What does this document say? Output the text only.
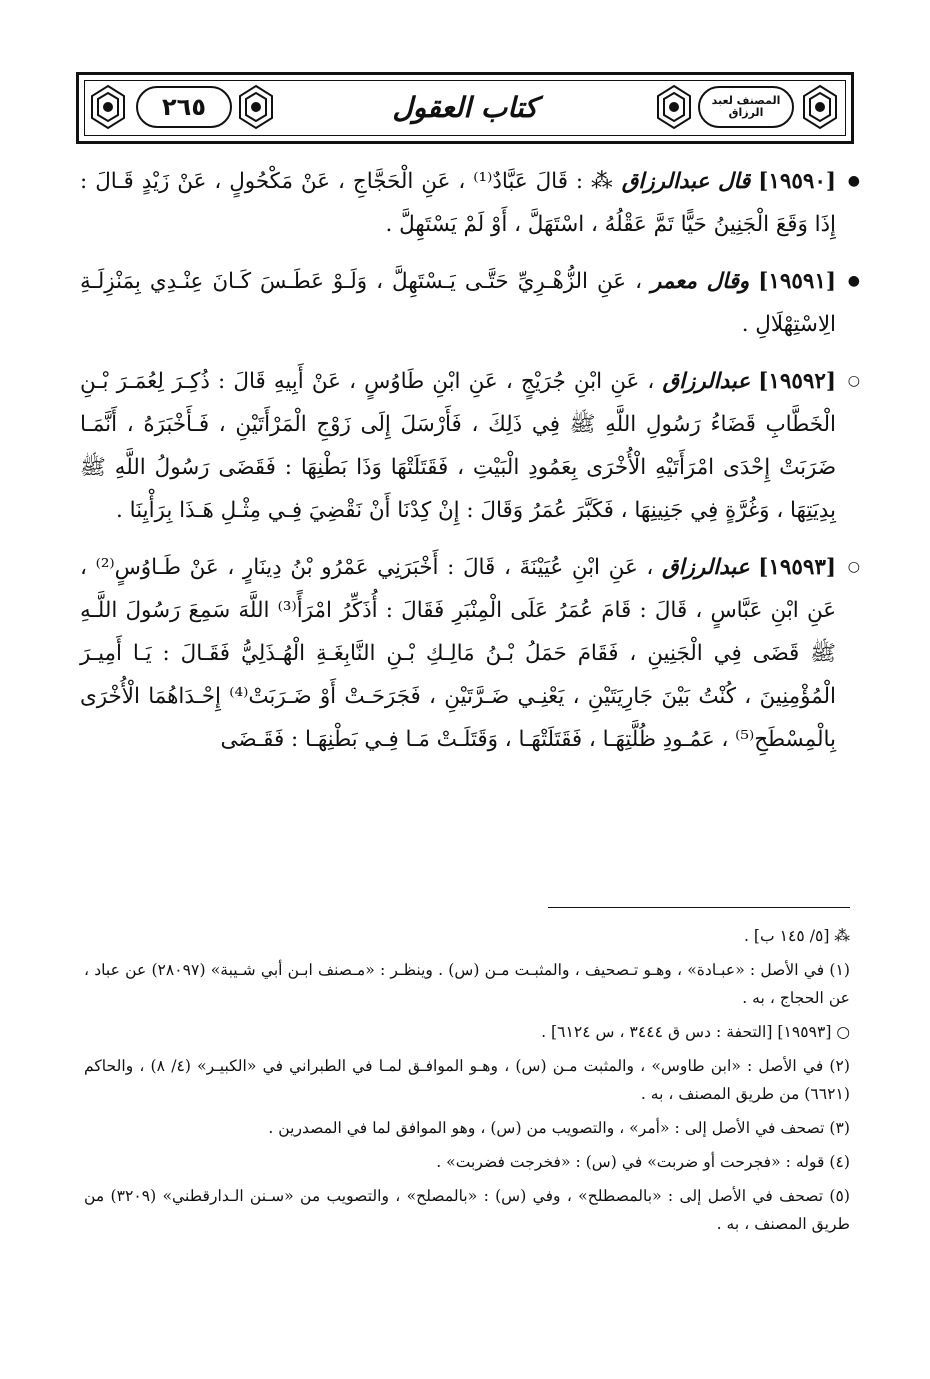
٢٦٥	كتاب العقول	المصنف لعبد الرزاق

●
[١٩٥٩٠] قال عبدالرزاق ⁂ : قَالَ عَبَّادٌ⁽¹⁾ ، عَنِ الْحَجَّاجِ ، عَنْ مَكْحُولٍ ، عَنْ زَيْدٍ قَـالَ : إِذَا وَقَعَ الْجَنِينُ حَيًّا تَمَّ عَقْلُهُ ، اسْتَهَلَّ ، أَوْ لَمْ يَسْتَهِلَّ .

●
[١٩٥٩١] وقال معمر ، عَنِ الزُّهْـرِيِّ حَتَّـى يَـسْتَهِلَّ ، وَلَـوْ عَطَـسَ كَـانَ عِنْـدِي بِمَنْزِلَـةِ الِاسْتِهْلَالِ .

○
[١٩٥٩٢] عبدالرزاق ، عَنِ ابْنِ جُرَيْجٍ ، عَنِ ابْنِ طَاوُسٍ ، عَنْ أَبِيهِ قَالَ : ذُكِـرَ لِعُمَـرَ بْـنِ الْخَطَّابِ قَضَاءُ رَسُولِ اللَّهِ ﷺ فِي ذَلِكَ ، فَأَرْسَلَ إِلَى زَوْجِ الْمَرْأَتَيْنِ ، فَـأَخْبَرَهُ ، أَنَّمَـا ضَرَبَتْ إِحْدَى امْرَأَتَيْهِ الْأُخْرَى بِعَمُودِ الْبَيْتِ ، فَقَتَلَتْهَا وَذَا بَطْنِهَا : فَقَضَى رَسُولُ اللَّهِ ﷺ بِدِيَتِهَا ، وَغُرَّةٍ فِي جَنِينِهَا ، فَكَبَّرَ عُمَرُ وَقَالَ : إِنْ كِدْنَا أَنْ نَقْضِيَ فِـي مِثْـلِ هَـذَا بِرَأْيِنَا .

○
[١٩٥٩٣] عبدالرزاق ، عَنِ ابْنِ عُيَيْنَةَ ، قَالَ : أَخْبَرَنِي عَمْرُو بْنُ دِينَارٍ ، عَنْ طَـاوُسٍ⁽²⁾ ، عَنِ ابْنِ عَبَّاسٍ ، قَالَ : قَامَ عُمَرُ عَلَى الْمِنْبَرِ فَقَالَ : أُذَكِّرُ امْرَأً⁽³⁾ اللَّهَ سَمِعَ رَسُولَ اللَّـهِ ﷺ قَضَى فِي الْجَنِينِ ، فَقَامَ حَمَلُ بْـنُ مَالِـكِ بْـنِ النَّابِغَـةِ الْهُـذَلِيُّ فَقَـالَ : يَـا أَمِيـرَ الْمُؤْمِنِينَ ، كُنْتُ بَيْنَ جَارِيَتَيْنِ ، يَعْنِـي ضَـرَّتَيْنِ ، فَجَرَحَـتْ أَوْ ضَـرَبَتْ⁽⁴⁾ إِحْـدَاهُمَا الْأُخْرَى بِالْمِسْطَحِ⁽⁵⁾ ، عَمُـودِ ظُلَّتِهَـا ، فَقَتَلَتْهَـا ، وَقَتَلَـتْ مَـا فِـي بَطْنِهَـا : فَقَـضَى

⁂ [٥/ ١٤٥ ب] .

(١) في الأصل : «عبـادة» ، وهـو تـصحيف ، والمثبـت مـن (س) . وينظـر : «مـصنف ابـن أبي شـيبة» (٢٨٠٩٧) عن عباد ، عن الحجاج ، به .

○ [١٩٥٩٣] [التحفة : دس ق ٣٤٤٤ ، س ٦١٢٤] .

(٢) في الأصل : «ابن طاوس» ، والمثبت مـن (س) ، وهـو الموافـق لمـا في الطبراني في «الكبيـر» (٤/ ٨) ، والحاكم (٦٦٢١) من طريق المصنف ، به .

(٣) تصحف في الأصل إلى : «أمر» ، والتصويب من (س) ، وهو الموافق لما في المصدرين .

(٤) قوله : «فجرحت أو ضربت» في (س) : «فخرجت فضربت» .

(٥) تصحف في الأصل إلى : «بالمصطلح» ، وفي (س) : «بالمصلح» ، والتصويب من «سـنن الـدارقطني» (٣٢٠٩) من طريق المصنف ، به .
